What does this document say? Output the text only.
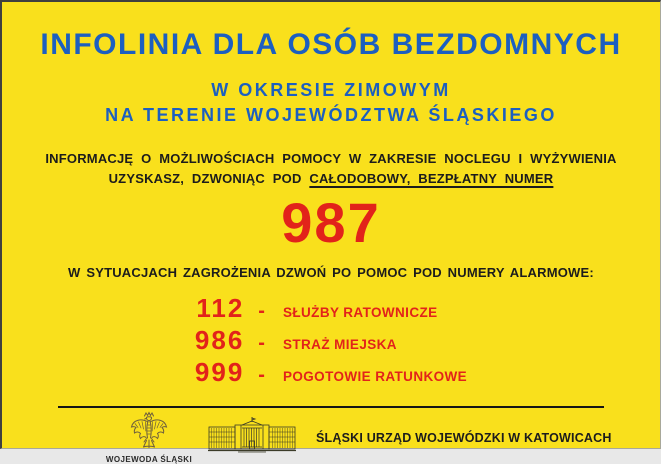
INFOLINIA DLA OSÓB BEZDOMNYCH
W OKRESIE ZIMOWYM
NA TERENIE WOJEWÓDZTWA ŚLĄSKIEGO
INFORMACJĘ O MOŻLIWOŚCIACH POMOCY W ZAKRESIE NOCLEGU I WYŻYWIENIA
UZYSKASZ, DZWONIĄC POD CAŁODOBOWY, BEZPŁATNY NUMER
987
W SYTUACJACH ZAGROŻENIA DZWOŃ PO POMOC POD NUMERY ALARMOWE:
112 - SŁUŻBY RATOWNICZE
986 - STRAŻ MIEJSKA
999 - POGOTOWIE RATUNKOWE
WOJEWODA ŚLĄSKI
ŚLĄSKI URZĄD WOJEWÓDZKI W KATOWICACH
